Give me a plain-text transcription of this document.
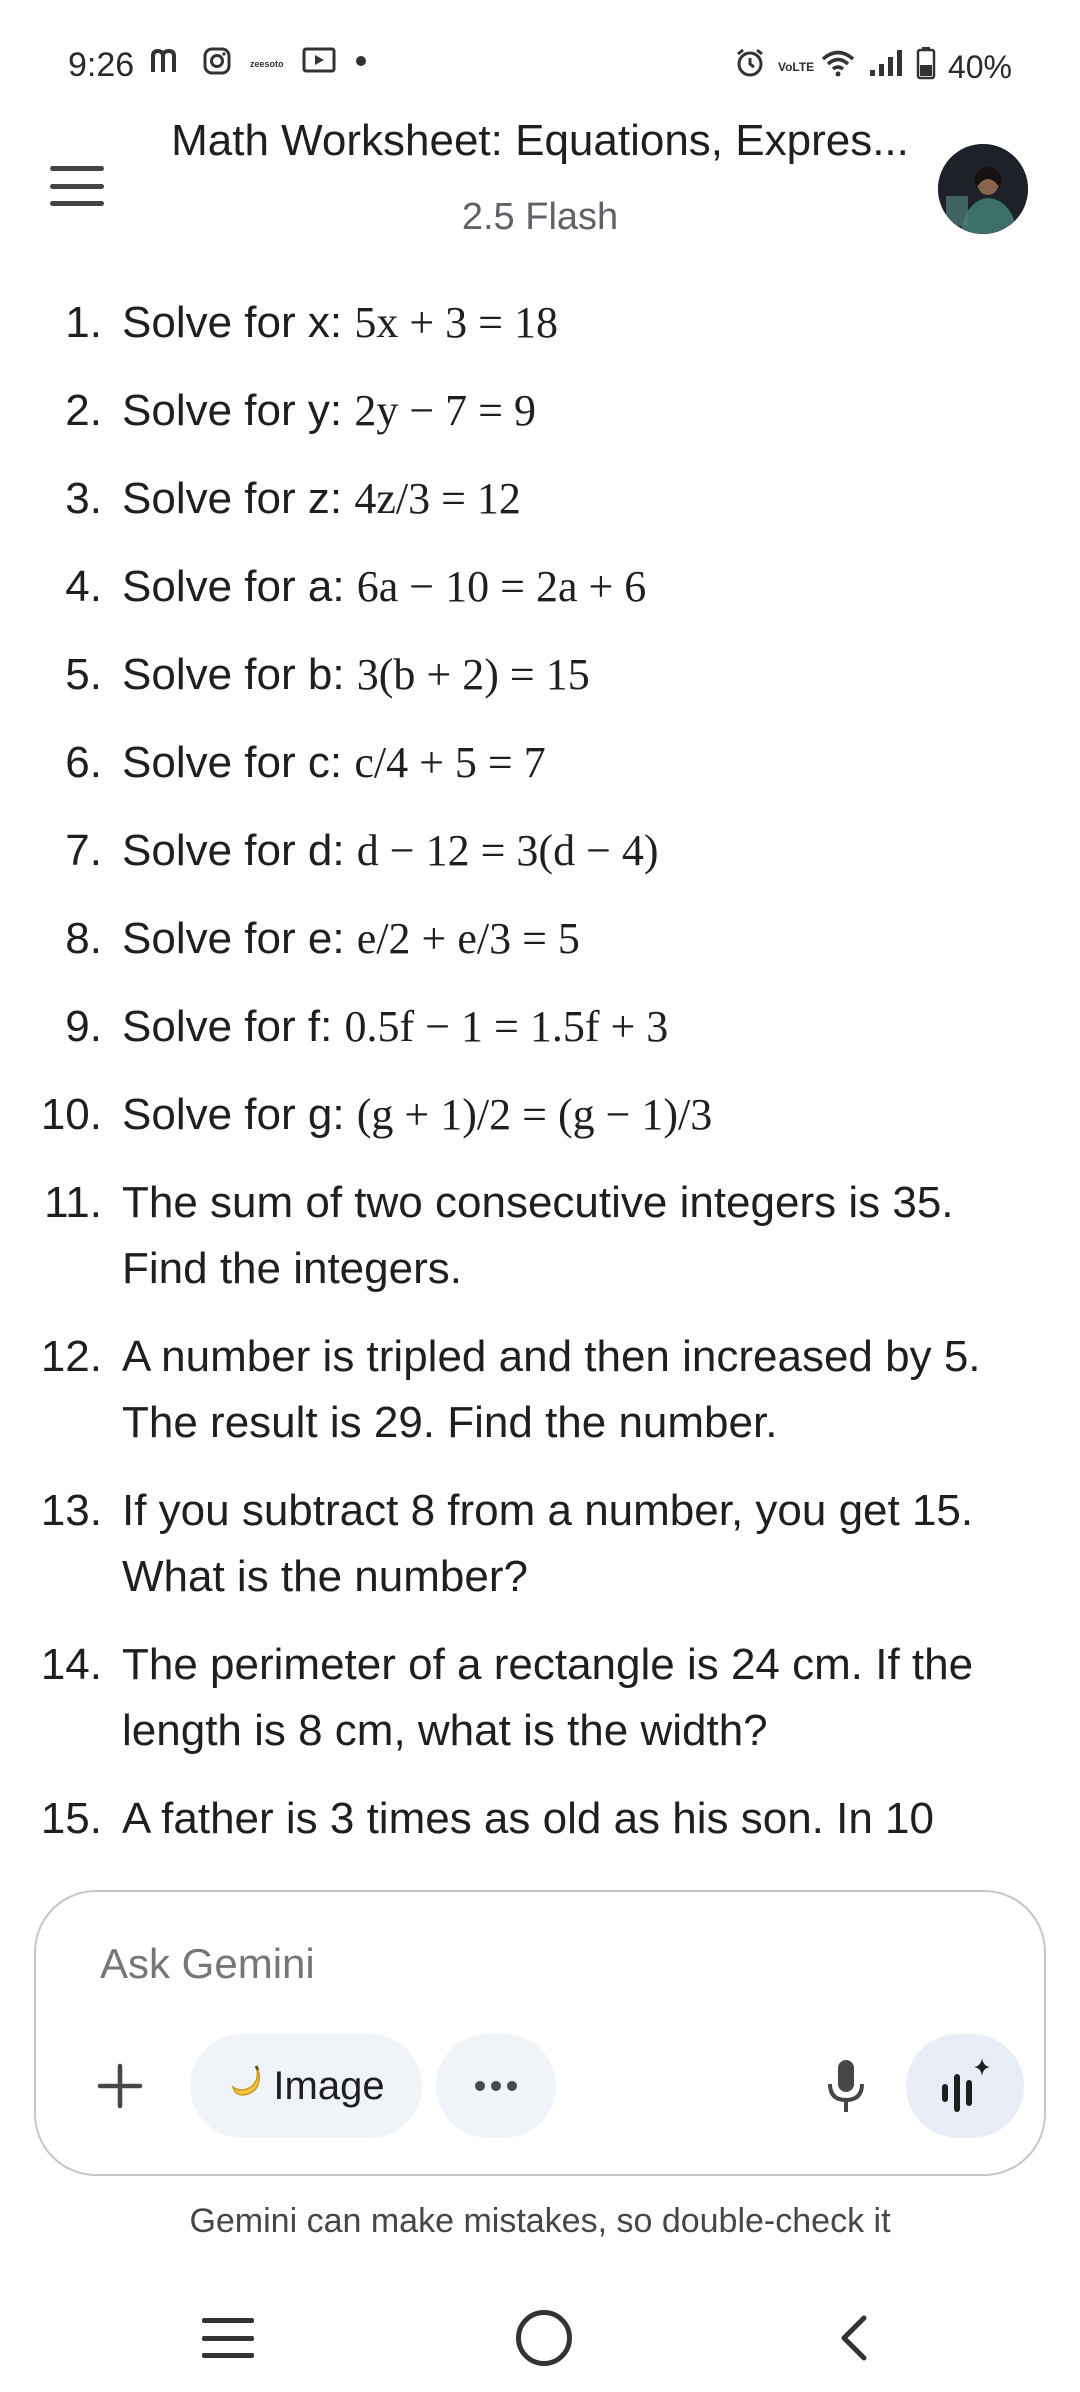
9:26	zeesoto	VoLTE	40%
Math Worksheet: Equations, Expres...
2.5 Flash
1. Solve for x: 5x + 3 = 18
2. Solve for y: 2y − 7 = 9
3. Solve for z: 4z/3 = 12
4. Solve for a: 6a − 10 = 2a + 6
5. Solve for b: 3(b + 2) = 15
6. Solve for c: c/4 + 5 = 7
7. Solve for d: d − 12 = 3(d − 4)
8. Solve for e: e/2 + e/3 = 5
9. Solve for f: 0.5f − 1 = 1.5f + 3
10. Solve for g: (g + 1)/2 = (g − 1)/3
11. The sum of two consecutive integers is 35. Find the integers.
12. A number is tripled and then increased by 5. The result is 29. Find the number.
13. If you subtract 8 from a number, you get 15. What is the number?
14. The perimeter of a rectangle is 24 cm. If the length is 8 cm, what is the width?
15. A father is 3 times as old as his son. In 10
Ask Gemini
Image
Gemini can make mistakes, so double-check it
